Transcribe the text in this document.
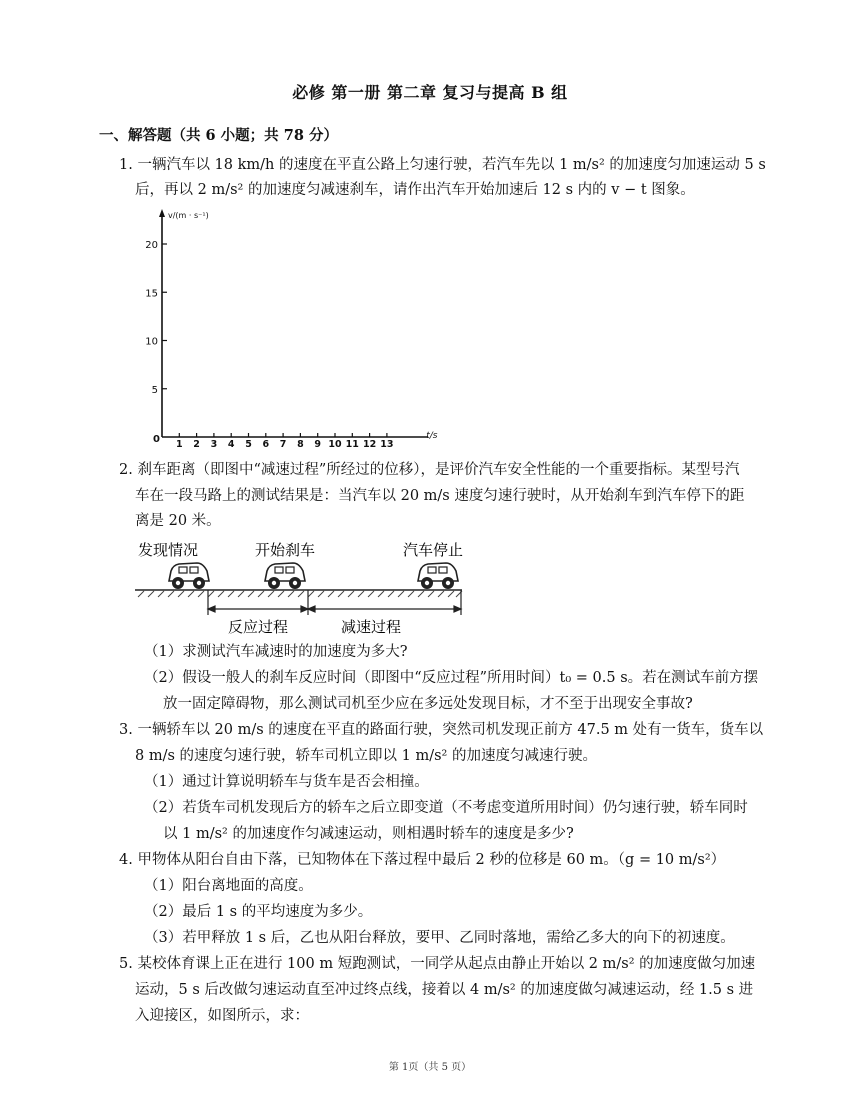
必修 第一册 第二章 复习与提高 B 组
一、解答题（共 6 小题；共 78 分）
1. 一辆汽车以 18 km/h 的速度在平直公路上匀速行驶，若汽车先以 1 m/s² 的加速度匀加速运动 5 s
后，再以 2 m/s² 的加速度匀减速刹车，请作出汽车开始加速后 12 s 内的 v − t 图象。
v/(m · s⁻¹)
t/s
0 1 2 3 4 5 6 7 8 9 10 11 12 13
5
10
15
20
2. 刹车距离（即图中“减速过程”所经过的位移），是评价汽车安全性能的一个重要指标。某型号汽
车在一段马路上的测试结果是：当汽车以 20 m/s 速度匀速行驶时，从开始刹车到汽车停下的距
离是 20 米。
发现情况	开始刹车	汽车停止
反应过程	减速过程
（1）求测试汽车减速时的加速度为多大?
（2）假设一般人的刹车反应时间（即图中“反应过程”所用时间）t₀ = 0.5 s。若在测试车前方摆
放一固定障碍物，那么测试司机至少应在多远处发现目标，才不至于出现安全事故?
3. 一辆轿车以 20 m/s 的速度在平直的路面行驶，突然司机发现正前方 47.5 m 处有一货车，货车以
8 m/s 的速度匀速行驶，轿车司机立即以 1 m/s² 的加速度匀减速行驶。
（1）通过计算说明轿车与货车是否会相撞。
（2）若货车司机发现后方的轿车之后立即变道（不考虑变道所用时间）仍匀速行驶，轿车同时
以 1 m/s² 的加速度作匀减速运动，则相遇时轿车的速度是多少?
4. 甲物体从阳台自由下落，已知物体在下落过程中最后 2 秒的位移是 60 m。（g = 10 m/s²）
（1）阳台离地面的高度。
（2）最后 1 s 的平均速度为多少。
（3）若甲释放 1 s 后，乙也从阳台释放，要甲、乙同时落地，需给乙多大的向下的初速度。
5. 某校体育课上正在进行 100 m 短跑测试，一同学从起点由静止开始以 2 m/s² 的加速度做匀加速
运动，5 s 后改做匀速运动直至冲过终点线，接着以 4 m/s² 的加速度做匀减速运动，经 1.5 s 进
入迎接区，如图所示，求：
第 1页（共 5 页）
